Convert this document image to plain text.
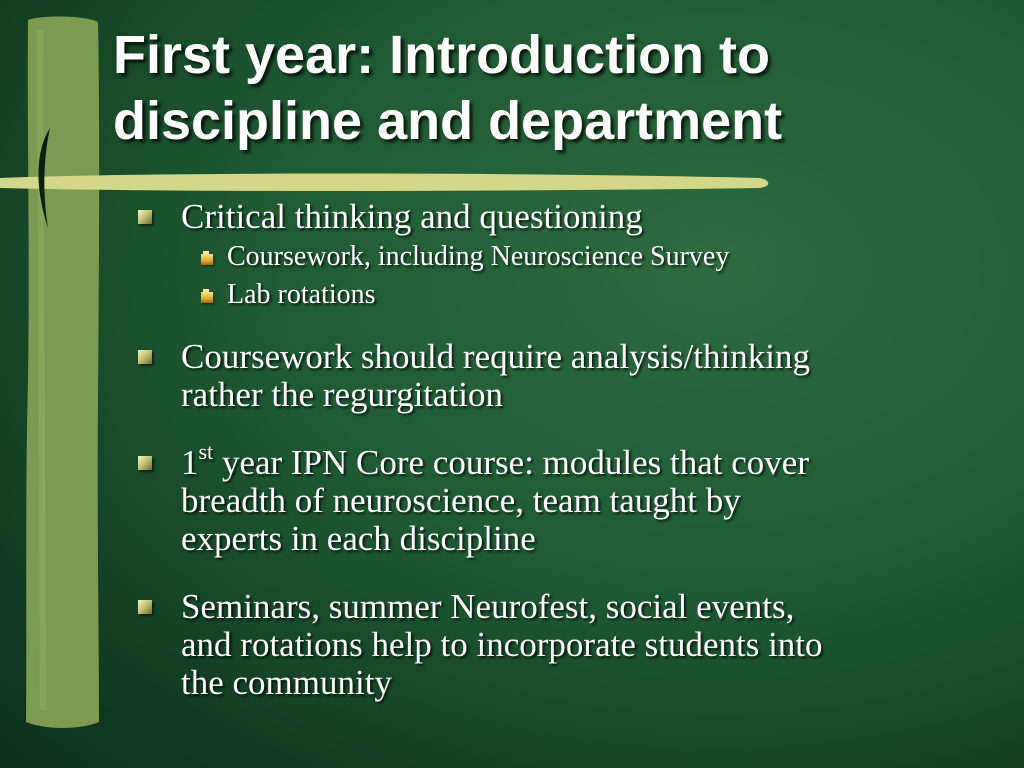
First year: Introduction to
discipline and department
Critical thinking and questioning
Coursework, including Neuroscience Survey
Lab rotations
Coursework should require analysis/thinking
rather the regurgitation
1st year IPN Core course: modules that cover
breadth of neuroscience, team taught by
experts in each discipline
Seminars, summer Neurofest, social events,
and rotations help to incorporate students into
the community
